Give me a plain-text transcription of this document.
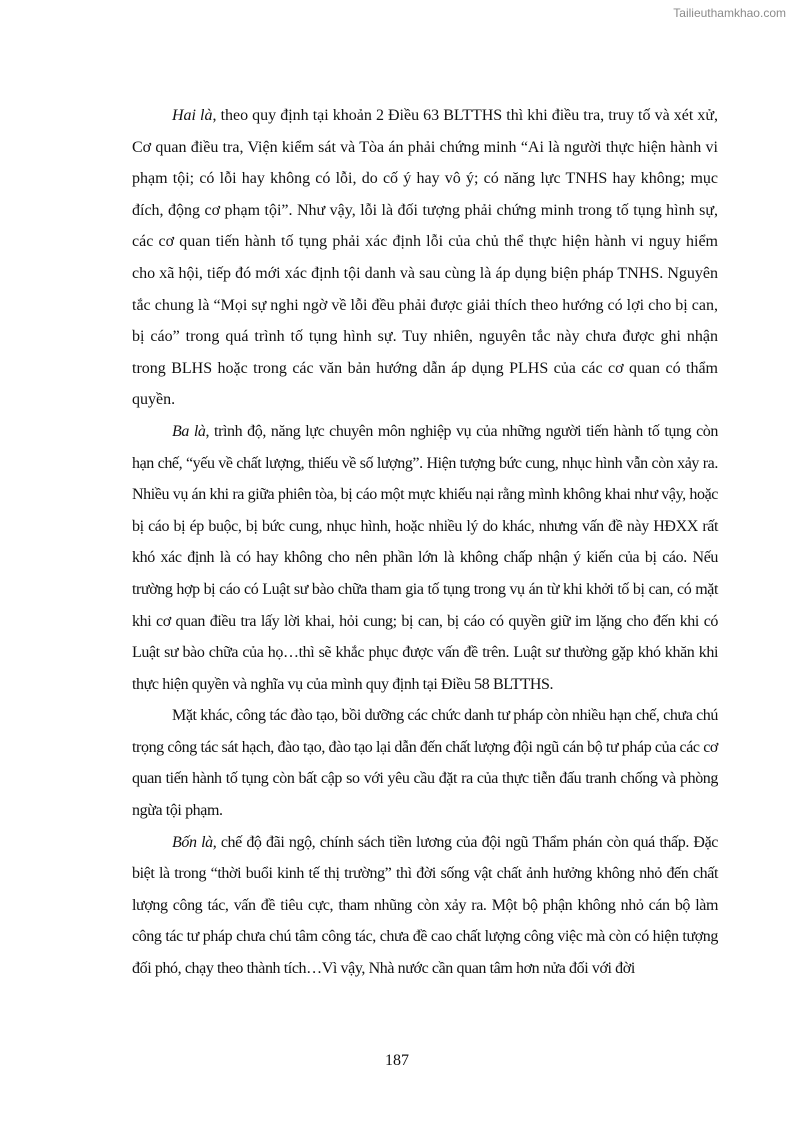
Tailieuthamkhao.com

Hai là, theo quy định tại khoản 2 Điều 63 BLTTHS thì khi điều tra, truy tố và xét xử, Cơ quan điều tra, Viện kiểm sát và Tòa án phải chứng minh “Ai là người thực hiện hành vi phạm tội; có lỗi hay không có lỗi, do cố ý hay vô ý; có năng lực TNHS hay không; mục đích, động cơ phạm tội”. Như vậy, lỗi là đối tượng phải chứng minh trong tố tụng hình sự, các cơ quan tiến hành tố tụng phải xác định lỗi của chủ thể thực hiện hành vi nguy hiểm cho xã hội, tiếp đó mới xác định tội danh và sau cùng là áp dụng biện pháp TNHS. Nguyên tắc chung là “Mọi sự nghi ngờ về lỗi đều phải được giải thích theo hướng có lợi cho bị can, bị cáo” trong quá trình tố tụng hình sự. Tuy nhiên, nguyên tắc này chưa được ghi nhận trong BLHS hoặc trong các văn bản hướng dẫn áp dụng PLHS của các cơ quan có thẩm quyền.

Ba là, trình độ, năng lực chuyên môn nghiệp vụ của những người tiến hành tố tụng còn hạn chế, “yếu về chất lượng, thiếu về số lượng”. Hiện tượng bức cung, nhục hình vẫn còn xảy ra. Nhiều vụ án khi ra giữa phiên tòa, bị cáo một mực khiếu nại rằng mình không khai như vậy, hoặc bị cáo bị ép buộc, bị bức cung, nhục hình, hoặc nhiều lý do khác, nhưng vấn đề này HĐXX rất khó xác định là có hay không cho nên phần lớn là không chấp nhận ý kiến của bị cáo. Nếu trường hợp bị cáo có Luật sư bào chữa tham gia tố tụng trong vụ án từ khi khởi tố bị can, có mặt khi cơ quan điều tra lấy lời khai, hỏi cung; bị can, bị cáo có quyền giữ im lặng cho đến khi có Luật sư bào chữa của họ…thì sẽ khắc phục được vấn đề trên. Luật sư thường gặp khó khăn khi thực hiện quyền và nghĩa vụ của mình quy định tại Điều 58 BLTTHS.

Mặt khác, công tác đào tạo, bồi dưỡng các chức danh tư pháp còn nhiều hạn chế, chưa chú trọng công tác sát hạch, đào tạo, đào tạo lại dẫn đến chất lượng đội ngũ cán bộ tư pháp của các cơ quan tiến hành tố tụng còn bất cập so với yêu cầu đặt ra của thực tiễn đấu tranh chống và phòng ngừa tội phạm.

Bốn là, chế độ đãi ngộ, chính sách tiền lương của đội ngũ Thẩm phán còn quá thấp. Đặc biệt là trong “thời buổi kinh tế thị trường” thì đời sống vật chất ảnh hưởng không nhỏ đến chất lượng công tác, vấn đề tiêu cực, tham nhũng còn xảy ra. Một bộ phận không nhỏ cán bộ làm công tác tư pháp chưa chú tâm công tác, chưa đề cao chất lượng công việc mà còn có hiện tượng đối phó, chạy theo thành tích…Vì vậy, Nhà nước cần quan tâm hơn nửa đối với đời

187
